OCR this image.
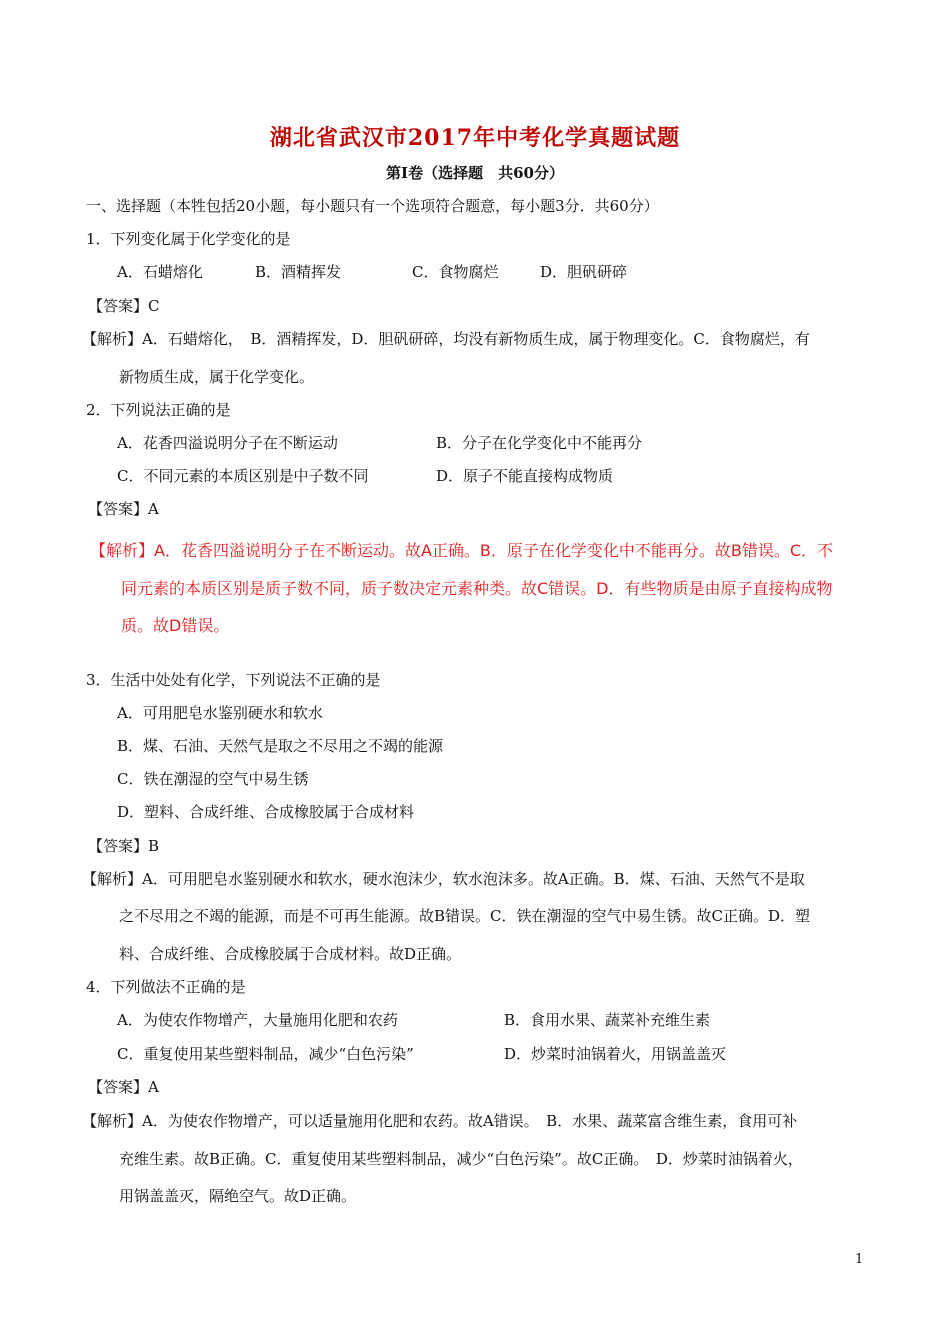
湖北省武汉市2017年中考化学真题试题
第Ⅰ卷（选择题　共60分）
一、选择题（本牲包括20小题，每小题只有一个选项符合题意，每小题3分．共60分）
1．下列变化属于化学变化的是
A．石蜡熔化	B．酒精挥发	C．食物腐烂	D．胆矾研碎
【答案】C
【解析】A．石蜡熔化，　B．酒精挥发，D．胆矾研碎，均没有新物质生成，属于物理变化。C．食物腐烂，有
新物质生成，属于化学变化。
2．下列说法正确的是
A．花香四溢说明分子在不断运动	B．分子在化学变化中不能再分
C．不同元素的本质区别是中子数不同	D．原子不能直接构成物质
【答案】A
【解析】A．花香四溢说明分子在不断运动。故A正确。B．原子在化学变化中不能再分。故B错误。C．不
同元素的本质区别是质子数不同，质子数决定元素种类。故C错误。D．有些物质是由原子直接构成物
质。故D错误。
3．生活中处处有化学，下列说法不正确的是
A．可用肥皂水鉴别硬水和软水
B．煤、石油、天然气是取之不尽用之不竭的能源
C．铁在潮湿的空气中易生锈
D．塑料、合成纤维、合成橡胶属于合成材料
【答案】B
【解析】A．可用肥皂水鉴别硬水和软水，硬水泡沫少，软水泡沫多。故A正确。B．煤、石油、天然气不是取
之不尽用之不竭的能源，而是不可再生能源。故B错误。C．铁在潮湿的空气中易生锈。故C正确。D．塑
料、合成纤维、合成橡胶属于合成材料。故D正确。
4．下列做法不正确的是
A．为使农作物增产，大量施用化肥和农药	B．食用水果、蔬菜补充维生素
C．重复使用某些塑料制品，减少“白色污染”	D．炒菜时油锅着火，用锅盖盖灭
【答案】A
【解析】A．为使农作物增产，可以适量施用化肥和农药。故A错误。　B．水果、蔬菜富含维生素，食用可补
充维生素。故B正确。C．重复使用某些塑料制品，减少“白色污染”。故C正确。　D．炒菜时油锅着火，
用锅盖盖灭，隔绝空气。故D正确。
1
